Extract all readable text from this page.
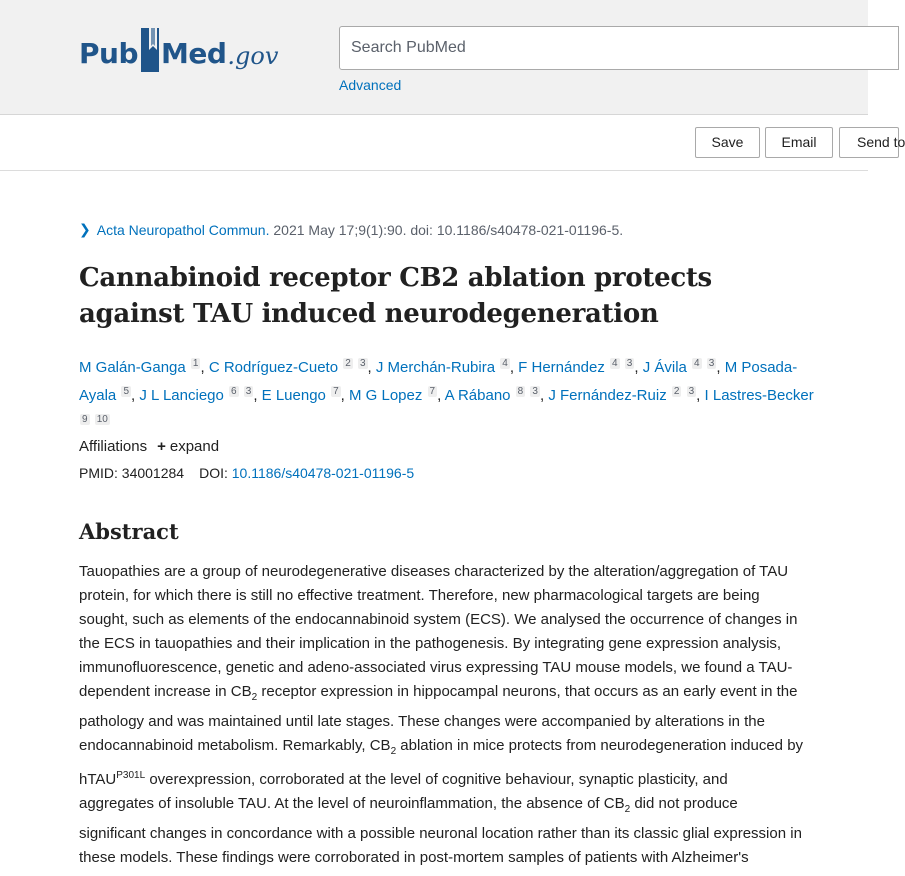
Pub Med .gov
Search PubMed
Advanced
Save	Email	Send to
❯ Acta Neuropathol Commun. 2021 May 17;9(1):90. doi: 10.1186/s40478-021-01196-5.
Cannabinoid receptor CB2 ablation protects against TAU induced neurodegeneration
M Galán-Ganga $^1$ , C Rodríguez-Cueto $^2$ $^3$ , J Merchán-Rubira $^4$ , F Hernández $^4$ $^3$ , J Ávila $^4$ $^3$ , M Posada-Ayala $^5$ , J L Lanciego $^6$ $^3$ , E Luengo $^7$ , M G Lopez $^7$ , A Rábano $^8$ $^3$ , J Fernández-Ruiz $^2$ $^3$ , I Lastres-Becker $^9$ $^{10}$
Affiliations + expand
PMID: 34001284 DOI: 10.1186/s40478-021-01196-5
Abstract
Tauopathies are a group of neurodegenerative diseases characterized by the alteration/aggregation of TAU protein, for which there is still no effective treatment. Therefore, new pharmacological targets are being sought, such as elements of the endocannabinoid system (ECS). We analysed the occurrence of changes in the ECS in tauopathies and their implication in the pathogenesis. By integrating gene expression analysis, immunofluorescence, genetic and adeno-associated virus expressing TAU mouse models, we found a TAU-dependent increase in $CB_2$ receptor expression in hippocampal neurons, that occurs as an early event in the pathology and was maintained until late stages. These changes were accompanied by alterations in the endocannabinoid metabolism. Remarkably, $CB_2$ ablation in mice protects from neurodegeneration induced by hTAU$^{P301L}$ overexpression, corroborated at the level of cognitive behaviour, synaptic plasticity, and aggregates of insoluble TAU. At the level of neuroinflammation, the absence of $CB_2$ did not produce significant changes in concordance with a possible neuronal location rather than its classic glial expression in these models. These findings were corroborated in post-mortem samples of patients with Alzheimer's
